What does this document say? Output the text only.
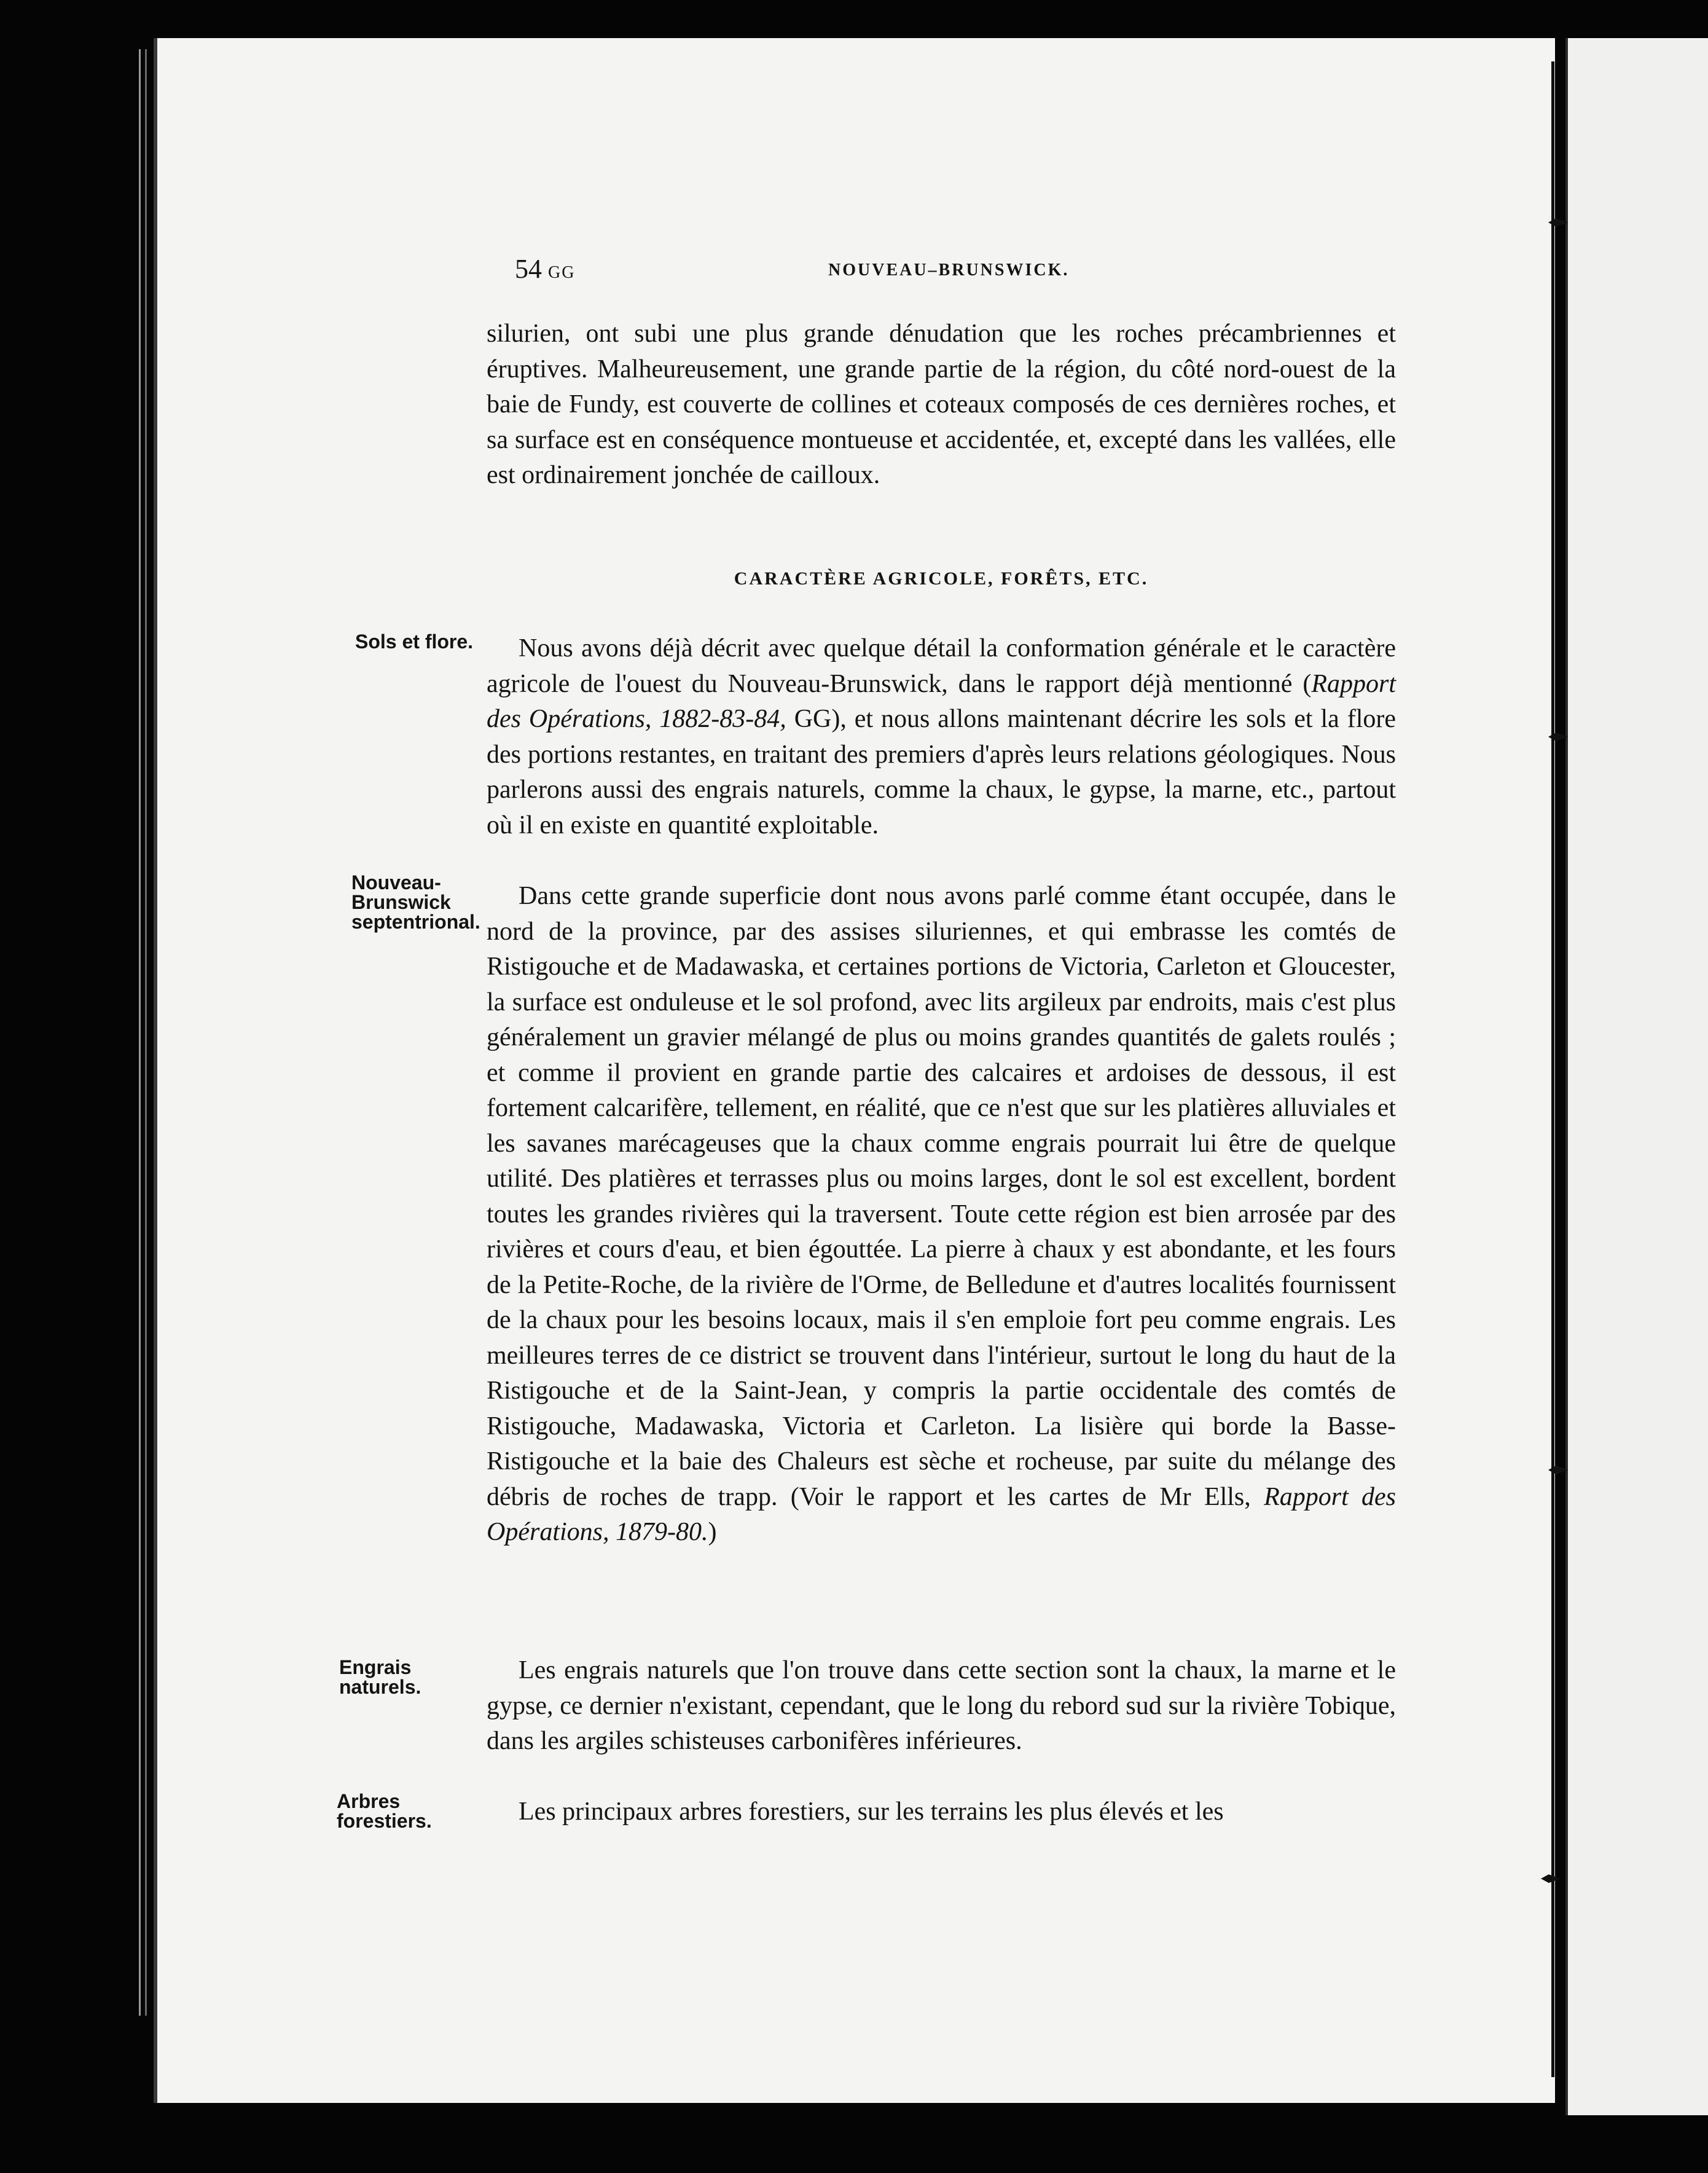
54 GG	NOUVEAU–BRUNSWICK.

silurien, ont subi une plus grande dénudation que les roches précambriennes et éruptives. Malheureusement, une grande partie de la région, du côté nord-ouest de la baie de Fundy, est couverte de collines et coteaux composés de ces dernières roches, et sa surface est en conséquence montueuse et accidentée, et, excepté dans les vallées, elle est ordinairement jonchée de cailloux.

CARACTÈRE AGRICOLE, FORÊTS, ETC.
Sols et flore.	Nous avons déjà décrit avec quelque détail la conformation générale et le caractère agricole de l'ouest du Nouveau-Brunswick, dans le rapport déjà mentionné (Rapport des Opérations, 1882-83-84, GG), et nous allons maintenant décrire les sols et la flore des portions restantes, en traitant des premiers d'après leurs relations géologiques. Nous parlerons aussi des engrais naturels, comme la chaux, le gypse, la marne, etc., partout où il en existe en quantité exploitable.

Nouveau-
Brunswick
septentrional.

Dans cette grande superficie dont nous avons parlé comme étant occupée, dans le nord de la province, par des assises siluriennes, et qui embrasse les comtés de Ristigouche et de Madawaska, et certaines portions de Victoria, Carleton et Gloucester, la surface est onduleuse et le sol profond, avec lits argileux par endroits, mais c'est plus généralement un gravier mélangé de plus ou moins grandes quantités de galets roulés ; et comme il provient en grande partie des calcaires et ardoises de dessous, il est fortement calcarifère, tellement, en réalité, que ce n'est que sur les platières alluviales et les savanes marécageuses que la chaux comme engrais pourrait lui être de quelque utilité. Des platières et terrasses plus ou moins larges, dont le sol est excellent, bordent toutes les grandes rivières qui la traversent. Toute cette région est bien arrosée par des rivières et cours d'eau, et bien égouttée. La pierre à chaux y est abondante, et les fours de la Petite-Roche, de la rivière de l'Orme, de Belledune et d'autres localités fournissent de la chaux pour les besoins locaux, mais il s'en emploie fort peu comme engrais. Les meilleures terres de ce district se trouvent dans l'intérieur, surtout le long du haut de la Ristigouche et de la Saint-Jean, y compris la partie occidentale des comtés de Ristigouche, Madawaska, Victoria et Carleton. La lisière qui borde la Basse-Ristigouche et la baie des Chaleurs est sèche et rocheuse, par suite du mélange des débris de roches de trapp. (Voir le rapport et les cartes de Mr Ells, Rapport des Opérations, 1879-80.)

Engrais
naturels.

Les engrais naturels que l'on trouve dans cette section sont la chaux, la marne et le gypse, ce dernier n'existant, cependant, que le long du rebord sud sur la rivière Tobique, dans les argiles schisteuses carbonifères inférieures.

Arbres
forestiers.	Les principaux arbres forestiers, sur les terrains les plus élevés et les
